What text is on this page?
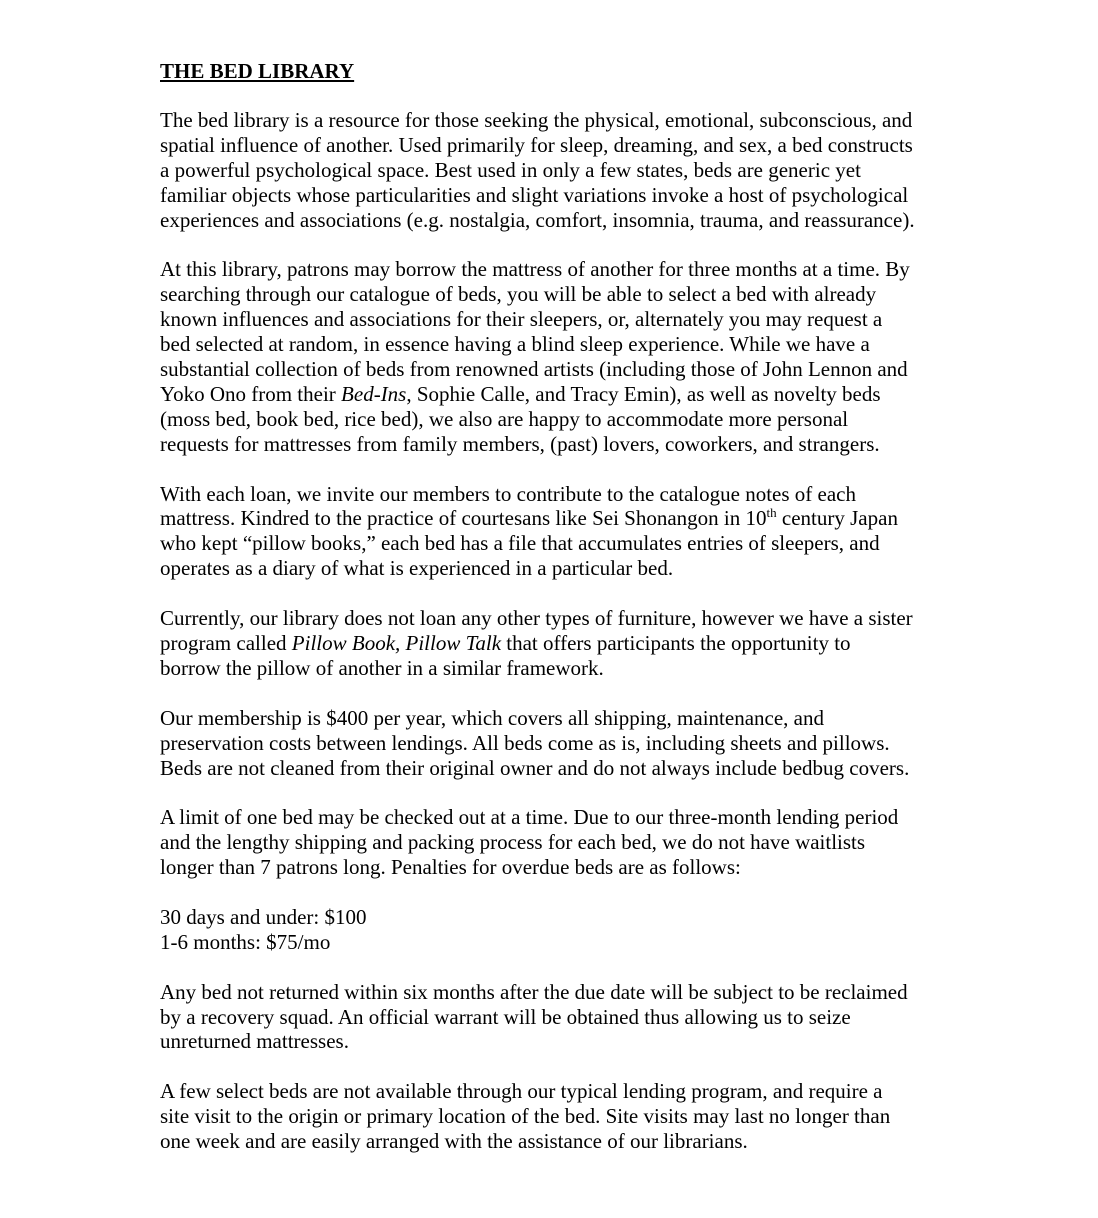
THE BED LIBRARY
The bed library is a resource for those seeking the physical, emotional, subconscious, and
spatial influence of another. Used primarily for sleep, dreaming, and sex, a bed constructs
a powerful psychological space. Best used in only a few states, beds are generic yet
familiar objects whose particularities and slight variations invoke a host of psychological
experiences and associations (e.g. nostalgia, comfort, insomnia, trauma, and reassurance).
At this library, patrons may borrow the mattress of another for three months at a time. By
searching through our catalogue of beds, you will be able to select a bed with already
known influences and associations for their sleepers, or, alternately you may request a
bed selected at random, in essence having a blind sleep experience. While we have a
substantial collection of beds from renowned artists (including those of John Lennon and
Yoko Ono from their Bed-Ins, Sophie Calle, and Tracy Emin), as well as novelty beds
(moss bed, book bed, rice bed), we also are happy to accommodate more personal
requests for mattresses from family members, (past) lovers, coworkers, and strangers.
With each loan, we invite our members to contribute to the catalogue notes of each
mattress. Kindred to the practice of courtesans like Sei Shonangon in 10th century Japan
who kept “pillow books,” each bed has a file that accumulates entries of sleepers, and
operates as a diary of what is experienced in a particular bed.
Currently, our library does not loan any other types of furniture, however we have a sister
program called Pillow Book, Pillow Talk that offers participants the opportunity to
borrow the pillow of another in a similar framework.
Our membership is $400 per year, which covers all shipping, maintenance, and
preservation costs between lendings. All beds come as is, including sheets and pillows.
Beds are not cleaned from their original owner and do not always include bedbug covers.
A limit of one bed may be checked out at a time. Due to our three-month lending period
and the lengthy shipping and packing process for each bed, we do not have waitlists
longer than 7 patrons long. Penalties for overdue beds are as follows:
30 days and under: $100
1-6 months: $75/mo
Any bed not returned within six months after the due date will be subject to be reclaimed
by a recovery squad. An official warrant will be obtained thus allowing us to seize
unreturned mattresses.
A few select beds are not available through our typical lending program, and require a
site visit to the origin or primary location of the bed. Site visits may last no longer than
one week and are easily arranged with the assistance of our librarians.
